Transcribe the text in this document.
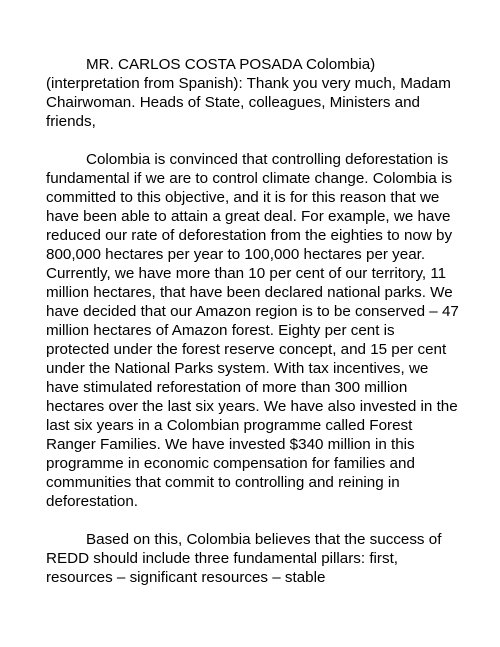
MR. CARLOS COSTA POSADA Colombia) (interpretation from Spanish): Thank you very much, Madam Chairwoman. Heads of State, colleagues, Ministers and friends,

Colombia is convinced that controlling deforestation is fundamental if we are to control climate change. Colombia is committed to this objective, and it is for this reason that we have been able to attain a great deal. For example, we have reduced our rate of deforestation from the eighties to now by 800,000 hectares per year to 100,000 hectares per year. Currently, we have more than 10 per cent of our territory, 11 million hectares, that have been declared national parks. We have decided that our Amazon region is to be conserved – 47 million hectares of Amazon forest. Eighty per cent is protected under the forest reserve concept, and 15 per cent under the National Parks system. With tax incentives, we have stimulated reforestation of more than 300 million hectares over the last six years. We have also invested in the last six years in a Colombian programme called Forest Ranger Families. We have invested $340 million in this programme in economic compensation for families and communities that commit to controlling and reining in deforestation.

Based on this, Colombia believes that the success of REDD should include three fundamental pillars: first, resources – significant resources – stable
